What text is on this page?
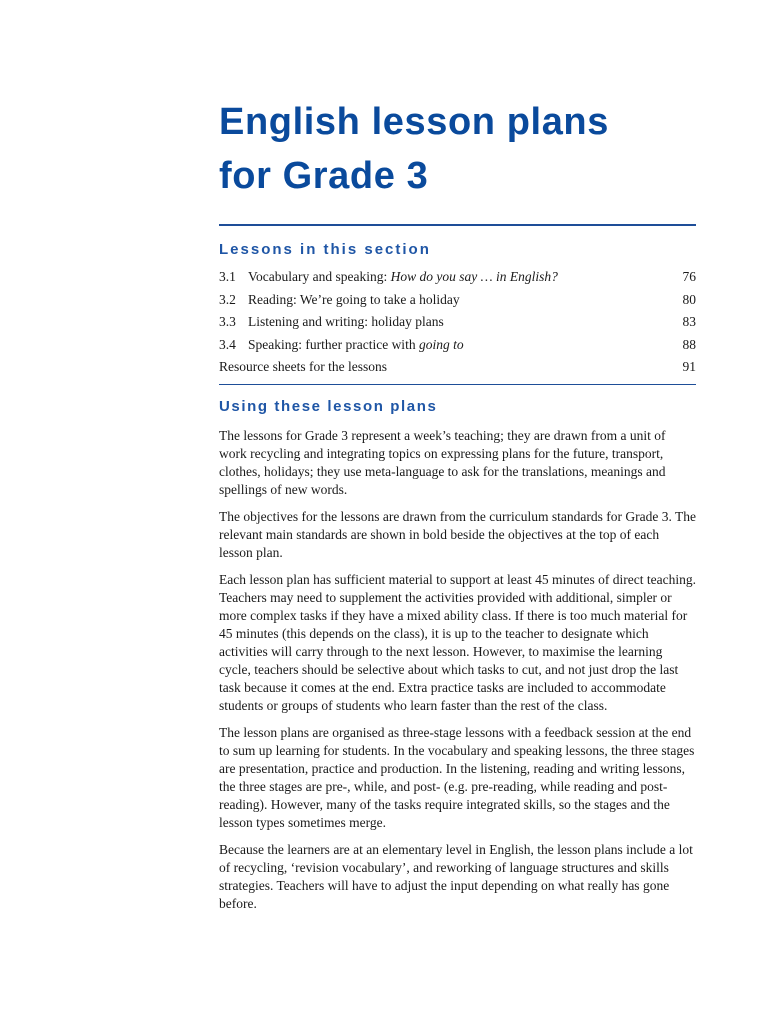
English lesson plans
for Grade 3
Lessons in this section
3.1 Vocabulary and speaking: How do you say … in English?	76
3.2 Reading: We’re going to take a holiday	80
3.3 Listening and writing: holiday plans	83
3.4 Speaking: further practice with going to	88
Resource sheets for the lessons	91
Using these lesson plans

The lessons for Grade 3 represent a week’s teaching; they are drawn from a unit of work recycling and integrating topics on expressing plans for the future, transport, clothes, holidays; they use meta-language to ask for the translations, meanings and spellings of new words.

The objectives for the lessons are drawn from the curriculum standards for Grade 3. The relevant main standards are shown in bold beside the objectives at the top of each lesson plan.

Each lesson plan has sufficient material to support at least 45 minutes of direct teaching. Teachers may need to supplement the activities provided with additional, simpler or more complex tasks if they have a mixed ability class. If there is too much material for 45 minutes (this depends on the class), it is up to the teacher to designate which activities will carry through to the next lesson. However, to maximise the learning cycle, teachers should be selective about which tasks to cut, and not just drop the last task because it comes at the end. Extra practice tasks are included to accommodate students or groups of students who learn faster than the rest of the class.

The lesson plans are organised as three-stage lessons with a feedback session at the end to sum up learning for students. In the vocabulary and speaking lessons, the three stages are presentation, practice and production. In the listening, reading and writing lessons, the three stages are pre-, while, and post- (e.g. pre-reading, while reading and post-reading). However, many of the tasks require integrated skills, so the stages and the lesson types sometimes merge.

Because the learners are at an elementary level in English, the lesson plans include a lot of recycling, ‘revision vocabulary’, and reworking of language structures and skills strategies. Teachers will have to adjust the input depending on what really has gone before.
